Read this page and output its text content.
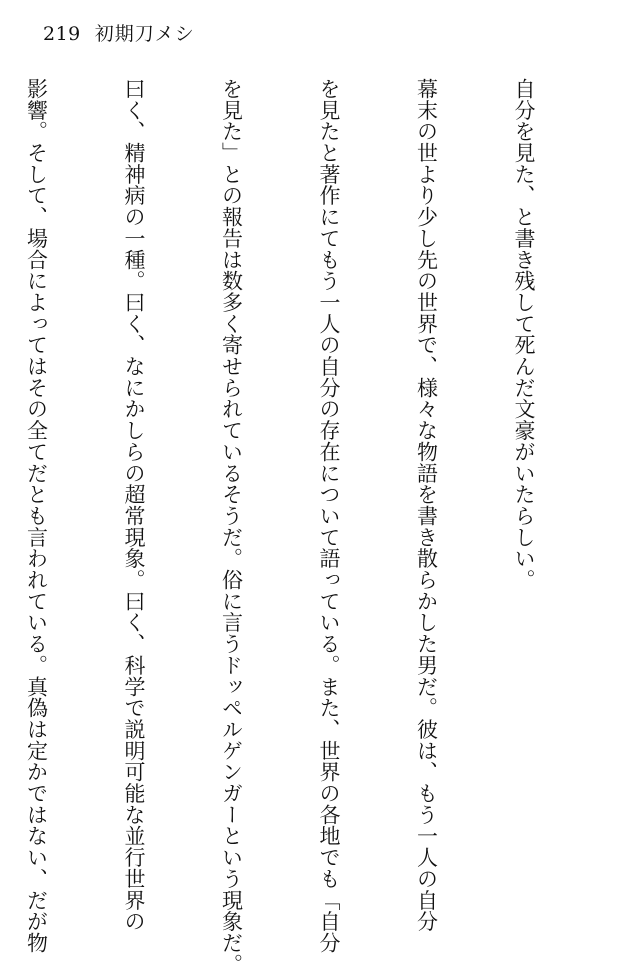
219 初期刀メシ

自分を見た、と書き残して死んだ文豪がいたらしい。

幕末の世より少し先の世界で、様々な物語を書き散らかした男だ。彼は、もう一人の自分

を見たと著作にてもう一人の自分の存在について語っている。また、世界の各地でも「自分

を見た」との報告は数多く寄せられているそうだ。俗に言うドッペルゲンガーという現象だ。

曰く、精神病の一種。曰く、なにかしらの超常現象。曰く、科学で説明可能な並行世界の

影響。そして、場合によってはその全てだとも言われている。真偽は定かではない、だが物
